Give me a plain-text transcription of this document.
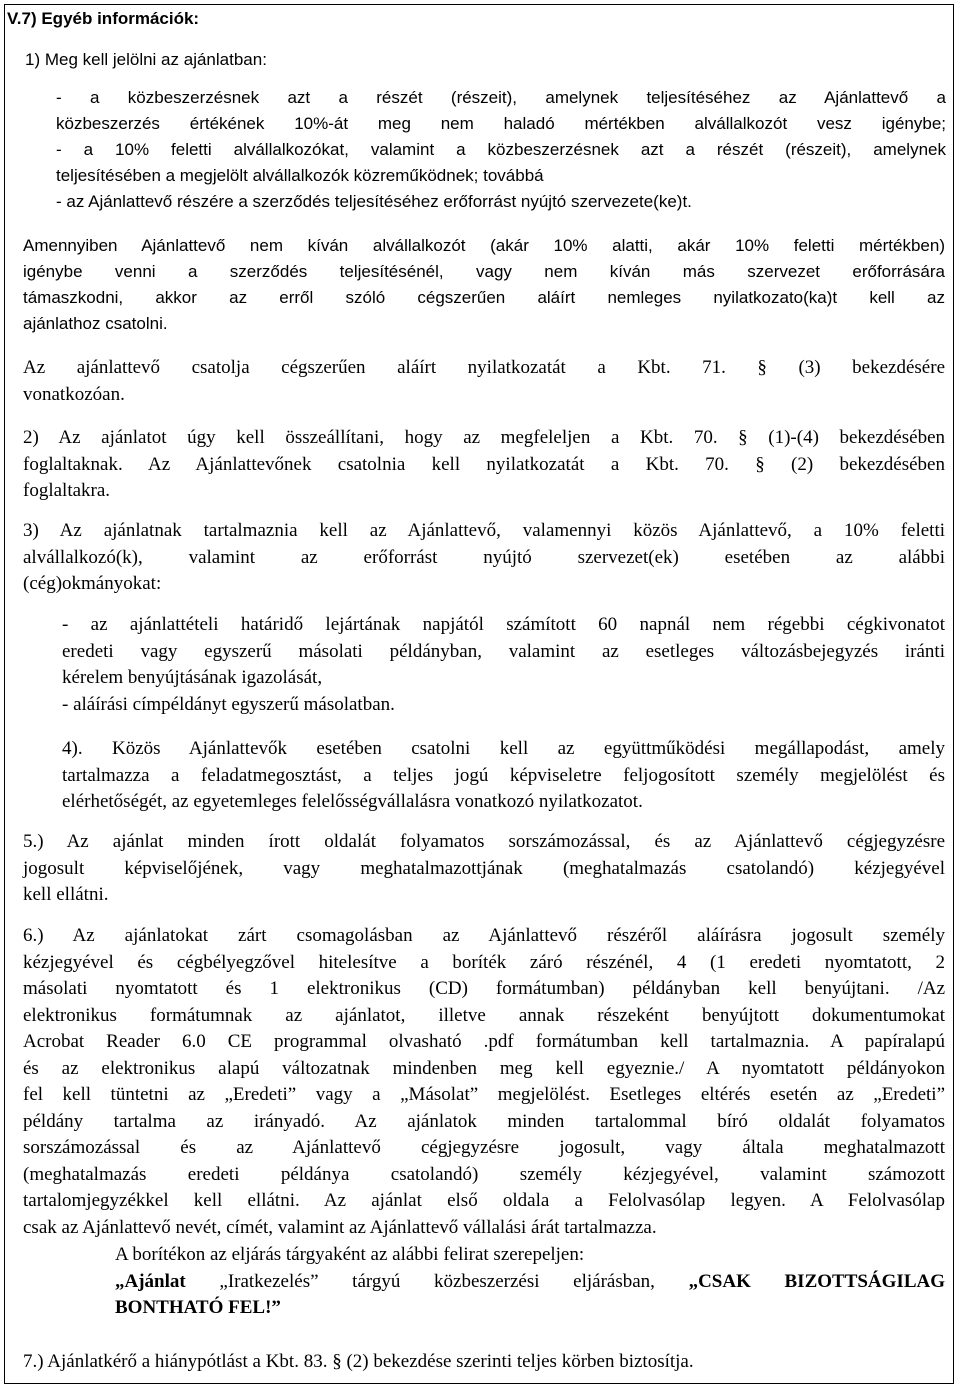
V.7) Egyéb információk:

1) Meg kell jelölni az ajánlatban:

- a közbeszerzésnek azt a részét (részeit), amelynek teljesítéséhez az Ajánlattevő a

közbeszerzés értékének 10%-át meg nem haladó mértékben alvállalkozót vesz igénybe;

- a 10% feletti alvállalkozókat, valamint a közbeszerzésnek azt a részét (részeit), amelynek

teljesítésében a megjelölt alvállalkozók közreműködnek; továbbá

- az Ajánlattevő részére a szerződés teljesítéséhez erőforrást nyújtó szervezete(ke)t.

Amennyiben Ajánlattevő nem kíván alvállalkozót (akár 10% alatti, akár 10% feletti mértékben)

igénybe venni a szerződés teljesítésénél, vagy nem kíván más szervezet erőforrására

támaszkodni, akkor az erről szóló cégszerűen aláírt nemleges nyilatkozato(ka)t kell az

ajánlathoz csatolni.

Az ajánlattevő csatolja cégszerűen aláírt nyilatkozatát a Kbt. 71. § (3) bekezdésére

vonatkozóan.

2) Az ajánlatot úgy kell összeállítani, hogy az megfeleljen a Kbt. 70. § (1)-(4) bekezdésében

foglaltaknak. Az Ajánlattevőnek csatolnia kell nyilatkozatát a Kbt. 70. § (2) bekezdésében

foglaltakra.

3) Az ajánlatnak tartalmaznia kell az Ajánlattevő, valamennyi közös Ajánlattevő, a 10% feletti

alvállalkozó(k), valamint az erőforrást nyújtó szervezet(ek) esetében az alábbi

(cég)okmányokat:

- az ajánlattételi határidő lejártának napjától számított 60 napnál nem régebbi cégkivonatot

eredeti vagy egyszerű másolati példányban, valamint az esetleges változásbejegyzés iránti

kérelem benyújtásának igazolását,

- aláírási címpéldányt egyszerű másolatban.

4). Közös Ajánlattevők esetében csatolni kell az együttműködési megállapodást, amely

tartalmazza a feladatmegosztást, a teljes jogú képviseletre feljogosított személy megjelölést és

elérhetőségét, az egyetemleges felelősségvállalásra vonatkozó nyilatkozatot.

5.) Az ajánlat minden írott oldalát folyamatos sorszámozással, és az Ajánlattevő cégjegyzésre

jogosult képviselőjének, vagy meghatalmazottjának (meghatalmazás csatolandó) kézjegyével

kell ellátni.

6.) Az ajánlatokat zárt csomagolásban az Ajánlattevő részéről aláírásra jogosult személy

kézjegyével és cégbélyegzővel hitelesítve a boríték záró részénél, 4 (1 eredeti nyomtatott, 2

másolati nyomtatott és 1 elektronikus (CD) formátumban) példányban kell benyújtani. /Az

elektronikus formátumnak az ajánlatot, illetve annak részeként benyújtott dokumentumokat

Acrobat Reader 6.0 CE programmal olvasható .pdf formátumban kell tartalmaznia. A papíralapú

és az elektronikus alapú változatnak mindenben meg kell egyeznie./ A nyomtatott példányokon

fel kell tüntetni az „Eredeti” vagy a „Másolat” megjelölést. Esetleges eltérés esetén az „Eredeti”

példány tartalma az irányadó. Az ajánlatok minden tartalommal bíró oldalát folyamatos

sorszámozással és az Ajánlattevő cégjegyzésre jogosult, vagy általa meghatalmazott

(meghatalmazás eredeti példánya csatolandó) személy kézjegyével, valamint számozott

tartalomjegyzékkel kell ellátni. Az ajánlat első oldala a Felolvasólap legyen. A Felolvasólap

csak az Ajánlattevő nevét, címét, valamint az Ajánlattevő vállalási árát tartalmazza.

A borítékon az eljárás tárgyaként az alábbi felirat szerepeljen:

„Ajánlat „Iratkezelés” tárgyú közbeszerzési eljárásban, „CSAK BIZOTTSÁGILAG

BONTHATÓ FEL!”

7.) Ajánlatkérő a hiánypótlást a Kbt. 83. § (2) bekezdése szerinti teljes körben biztosítja.
